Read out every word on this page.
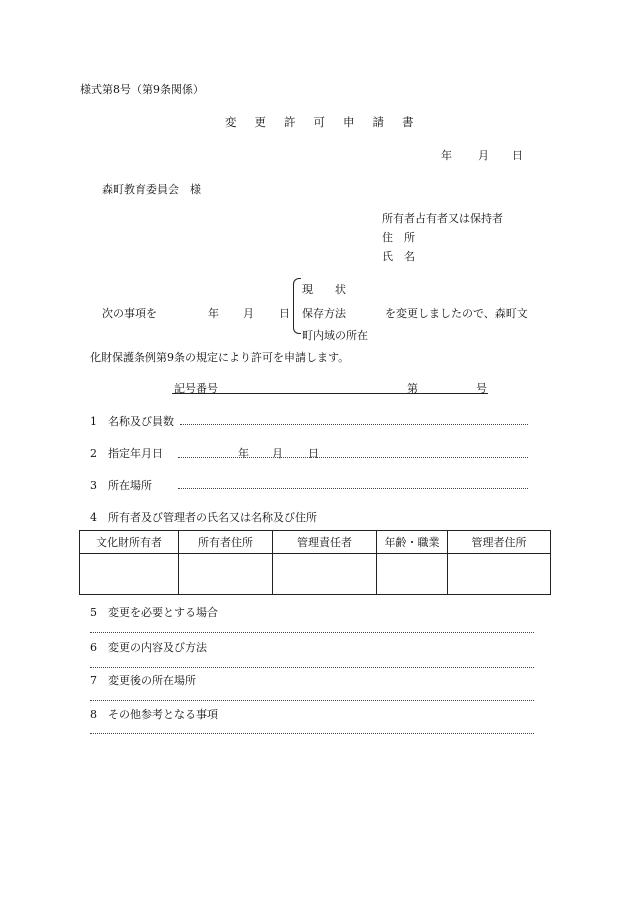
様式第8号（第9条関係）
変更許可申請書
年 月 日
森町教育委員会　様
所有者占有者又は保持者
住　所
氏　名
次の事項を	年 月 日
現　　状
保存方法
町内域の所在
を変更しましたので、森町文
化財保護条例第9条の規定により許可を申請します。
記号番号	第	号
1　名称及び員数
2　指定年月日	年 月 日
3　所在場所
4　所有者及び管理者の氏名又は名称及び住所
文化財所有者	所有者住所	管理責任者	年齢・職業	管理者住所

5　変更を必要とする場合
6　変更の内容及び方法
7　変更後の所在場所
8　その他参考となる事項
